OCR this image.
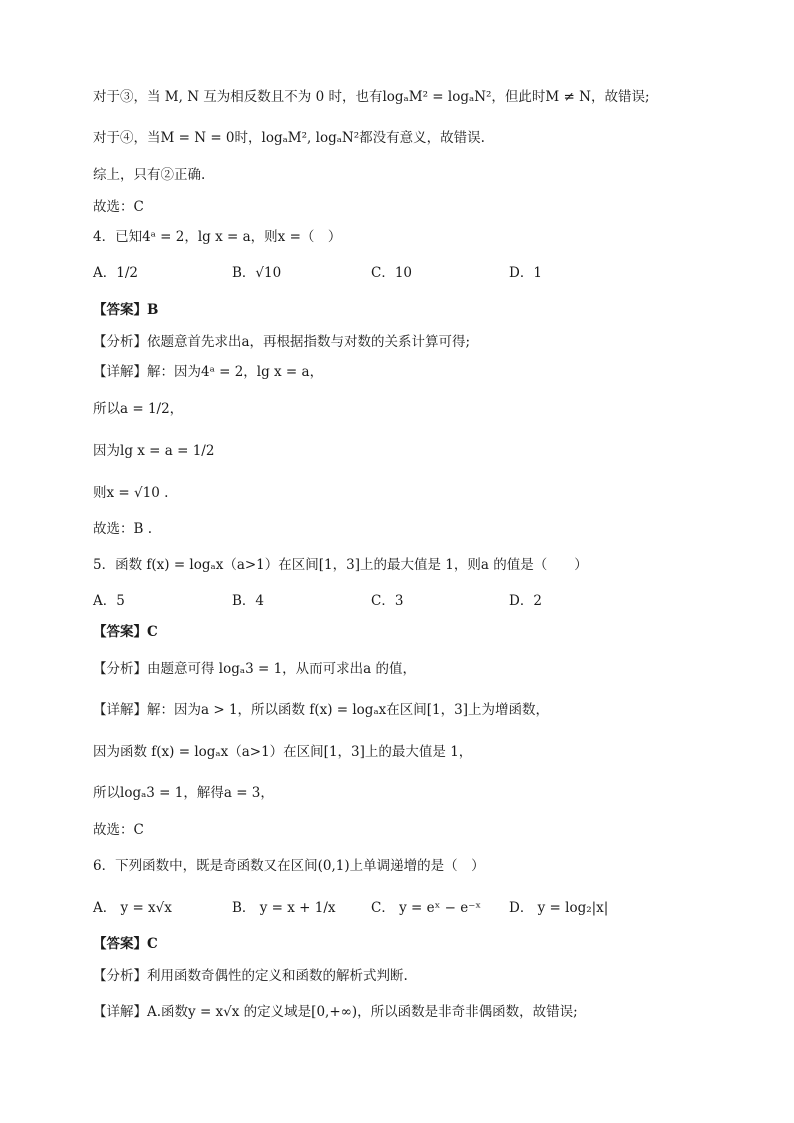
对于③，当 M, N 互为相反数且不为 0 时，也有logₐM² = logₐN²，但此时M ≠ N，故错误;
对于④，当M = N = 0时，logₐM², logₐN²都没有意义，故错误.
综上，只有②正确.
故选：C
4．已知4ᵃ = 2，lg x = a，则x =（　）
A．1/2	B．√10	C．10	D．1
【答案】B
【分析】依题意首先求出a，再根据指数与对数的关系计算可得;
【详解】解：因为4ᵃ = 2，lg x = a，
所以a = 1/2，
因为lg x = a = 1/2
则x = √10 .
故选：B .
5．函数 f(x) = logₐx（a>1）在区间[1，3]上的最大值是 1，则a 的值是（　　）
A．5	B．4	C．3	D．2
【答案】C
【分析】由题意可得 logₐ3 = 1，从而可求出a 的值，
【详解】解：因为a > 1，所以函数 f(x) = logₐx在区间[1，3]上为增函数，
因为函数 f(x) = logₐx（a>1）在区间[1，3]上的最大值是 1，
所以logₐ3 = 1，解得a = 3，
故选：C
6．下列函数中，既是奇函数又在区间(0,1)上单调递增的是（　）
A． y = x√x	B． y = x + 1/x	C． y = eˣ − e⁻ˣ D． y = log₂|x|
【答案】C
【分析】利用函数奇偶性的定义和函数的解析式判断.
【详解】A.函数y = x√x 的定义域是[0,+∞)，所以函数是非奇非偶函数，故错误;
